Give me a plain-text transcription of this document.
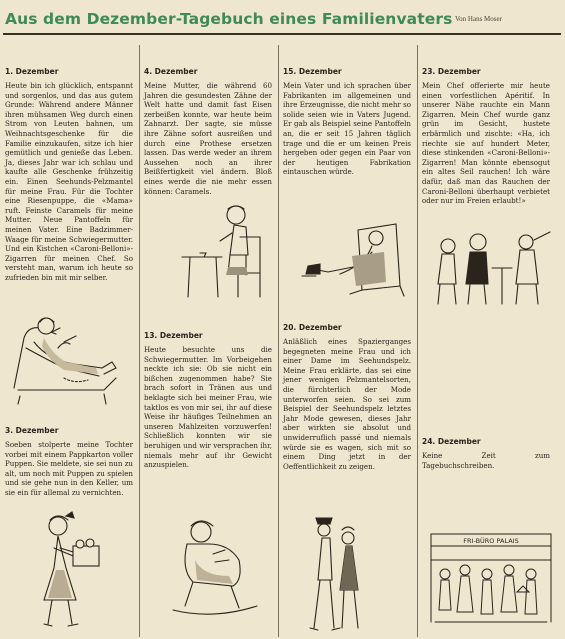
Aus dem Dezember-Tagebuch eines Familienvaters Von Hans Moser

1. Dezember

Heute bin ich glücklich, entspannt und sorgenlos, und das aus gutem Grunde: Während andere Männer ihren mühsamen Weg durch einen Strom von Leuten bahnen, um Weihnachtsgeschenke für die Familie einzukaufen, sitze ich hier gemütlich und genieße das Leben. Ja, dieses Jahr war ich schlau und kaufte alle Geschenke frühzeitig ein. Einen Seehunds-Pelzmantel für meine Frau. Für die Tochter eine Riesenpuppe, die «Mama» ruft. Feinste Caramels für meine Mutter. Neue Pantoffeln für meinen Vater. Eine Badzimmer-Waage für meine Schwiegermutter. Und ein Kistchen «Caroni-Belloni»-Zigarren für meinen Chef. So versteht man, warum ich heute so zufrieden bin mit mir selber.

3. Dezember

Soeben stolperte meine Tochter vorbei mit einem Pappkarton voller Puppen. Sie meldete, sie sei nun zu alt, um noch mit Puppen zu spielen und sie gehe nun in den Keller, um sie ein für allemal zu vernichten.

4. Dezember

Meine Mutter, die während 60 Jahren die gesundesten Zähne der Welt hatte und damit fast Eisen zerbeißen konnte, war heute beim Zahnarzt. Der sagte, sie müsse ihre Zähne sofort ausreißen und durch eine Prothese ersetzen lassen. Das werde weder an ihrem Aussehen noch an ihrer Beißfertigkeit viel ändern. Bloß eines werde die nie mehr essen können: Caramels.

13. Dezember

Heute besuchte uns die Schwiegermutter. Im Vorbeigehen neckte ich sie: Ob sie nicht ein bißchen zugenommen habe? Sie brach sofort in Tränen aus und beklagte sich bei meiner Frau, wie taktlos es von mir sei, ihr auf diese Weise ihr häufiges Teilnehmen an unseren Mahlzeiten vorzuwerfen! Schließlich konnten wir sie beruhigen und wir versprachen ihr, niemals mehr auf ihr Gewicht anzuspielen.

15. Dezember

Mein Vater und ich sprachen über Fabrikanten im allgemeinen und ihre Erzeugnisse, die nicht mehr so solide seien wie in Vaters Jugend. Er gab als Beispiel seine Pantoffeln an, die er seit 15 Jahren täglich trage und die er um keinen Preis hergeben oder gegen ein Paar von der heutigen Fabrikation eintauschen würde.

20. Dezember

Anläßlich eines Spazierganges begegneten meine Frau und ich einer Dame im Seehundspelz. Meine Frau erklärte, das sei eine jener wenigen Pelzmantelsorten, die fürchterlich der Mode unterworfen seien. So sei zum Beispiel der Seehundspelz letztes Jahr Mode gewesen, dieses Jahr aber wirkten sie absolut und unwiderruflich passé und niemals würde sie es wagen, sich mit so einem Ding jetzt in der Oeffentlichkeit zu zeigen.

23. Dezember

Mein Chef offerierte mir heute einen vorfestlichen Apéritif. In unserer Nähe rauchte ein Mann Zigarren. Mein Chef wurde ganz grün im Gesicht, hustete erbärmlich und zischte: «Ha, ich riechte sie auf hundert Meter, diese stinkenden «Caroni-Belloni»-Zigarren! Man könnte ebensogut ein altes Seil rauchen! Ich wäre dafür, daß man das Rauchen der Caroni-Belloni überhaupt verbietet oder nur im Freien erlaubt!»

24. Dezember

Keine Zeit zum Tagebuchschreiben.

FRI-BÜRO PALAIS
